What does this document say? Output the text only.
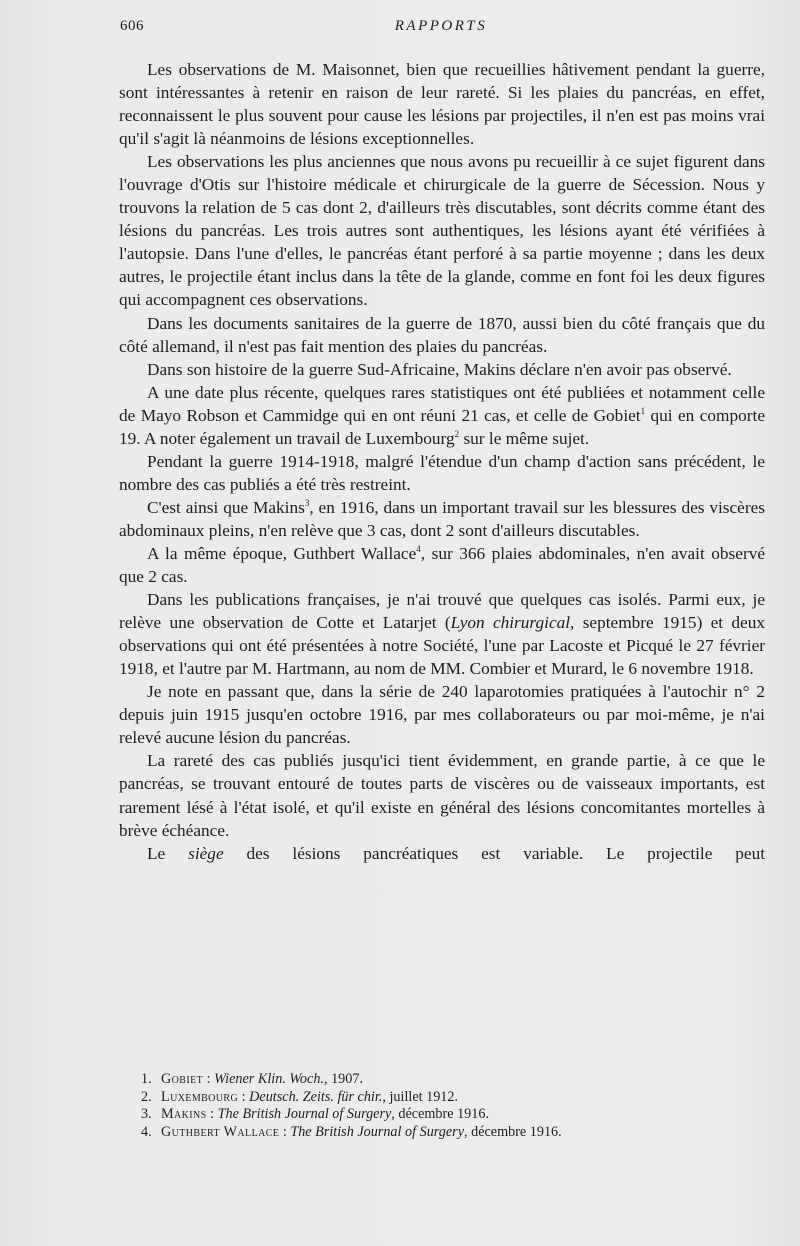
606	RAPPORTS

Les observations de M. Maisonnet, bien que recueillies hâtivement pendant la guerre, sont intéressantes à retenir en raison de leur rareté. Si les plaies du pancréas, en effet, reconnaissent le plus souvent pour cause les lésions par projectiles, il n'en est pas moins vrai qu'il s'agit là néanmoins de lésions exceptionnelles.

Les observations les plus anciennes que nous avons pu recueillir à ce sujet figurent dans l'ouvrage d'Otis sur l'histoire médicale et chirurgicale de la guerre de Sécession. Nous y trouvons la relation de 5 cas dont 2, d'ailleurs très discutables, sont décrits comme étant des lésions du pancréas. Les trois autres sont authentiques, les lésions ayant été vérifiées à l'autopsie. Dans l'une d'elles, le pancréas étant perforé à sa partie moyenne ; dans les deux autres, le projectile étant inclus dans la tête de la glande, comme en font foi les deux figures qui accompagnent ces observations.

Dans les documents sanitaires de la guerre de 1870, aussi bien du côté français que du côté allemand, il n'est pas fait mention des plaies du pancréas.

Dans son histoire de la guerre Sud-Africaine, Makins déclare n'en avoir pas observé.

A une date plus récente, quelques rares statistiques ont été publiées et notamment celle de Mayo Robson et Cammidge qui en ont réuni 21 cas, et celle de Gobiet$^1$ qui en comporte 19. A noter également un travail de Luxembourg$^2$ sur le même sujet.

Pendant la guerre 1914-1918, malgré l'étendue d'un champ d'action sans précédent, le nombre des cas publiés a été très restreint.

C'est ainsi que Makins$^3$, en 1916, dans un important travail sur les blessures des viscères abdominaux pleins, n'en relève que 3 cas, dont 2 sont d'ailleurs discutables.

A la même époque, Guthbert Wallace$^4$, sur 366 plaies abdominales, n'en avait observé que 2 cas.

Dans les publications françaises, je n'ai trouvé que quelques cas isolés. Parmi eux, je relève une observation de Cotte et Latarjet (Lyon chirurgical, septembre 1915) et deux observations qui ont été présentées à notre Société, l'une par Lacoste et Picqué le 27 février 1918, et l'autre par M. Hartmann, au nom de MM. Combier et Murard, le 6 novembre 1918.

Je note en passant que, dans la série de 240 laparotomies pratiquées à l'autochir n° 2 depuis juin 1915 jusqu'en octobre 1916, par mes collaborateurs ou par moi-même, je n'ai relevé aucune lésion du pancréas.

La rareté des cas publiés jusqu'ici tient évidemment, en grande partie, à ce que le pancréas, se trouvant entouré de toutes parts de viscères ou de vaisseaux importants, est rarement lésé à l'état isolé, et qu'il existe en général des lésions concomitantes mortelles à brève échéance.

Le siège des lésions pancréatiques est variable. Le projectile peut

1. Gobiet : Wiener Klin. Woch., 1907.
2. Luxembourg : Deutsch. Zeits. für chir., juillet 1912.
3. Makins : The British Journal of Surgery, décembre 1916.
4. Guthbert Wallace : The British Journal of Surgery, décembre 1916.
